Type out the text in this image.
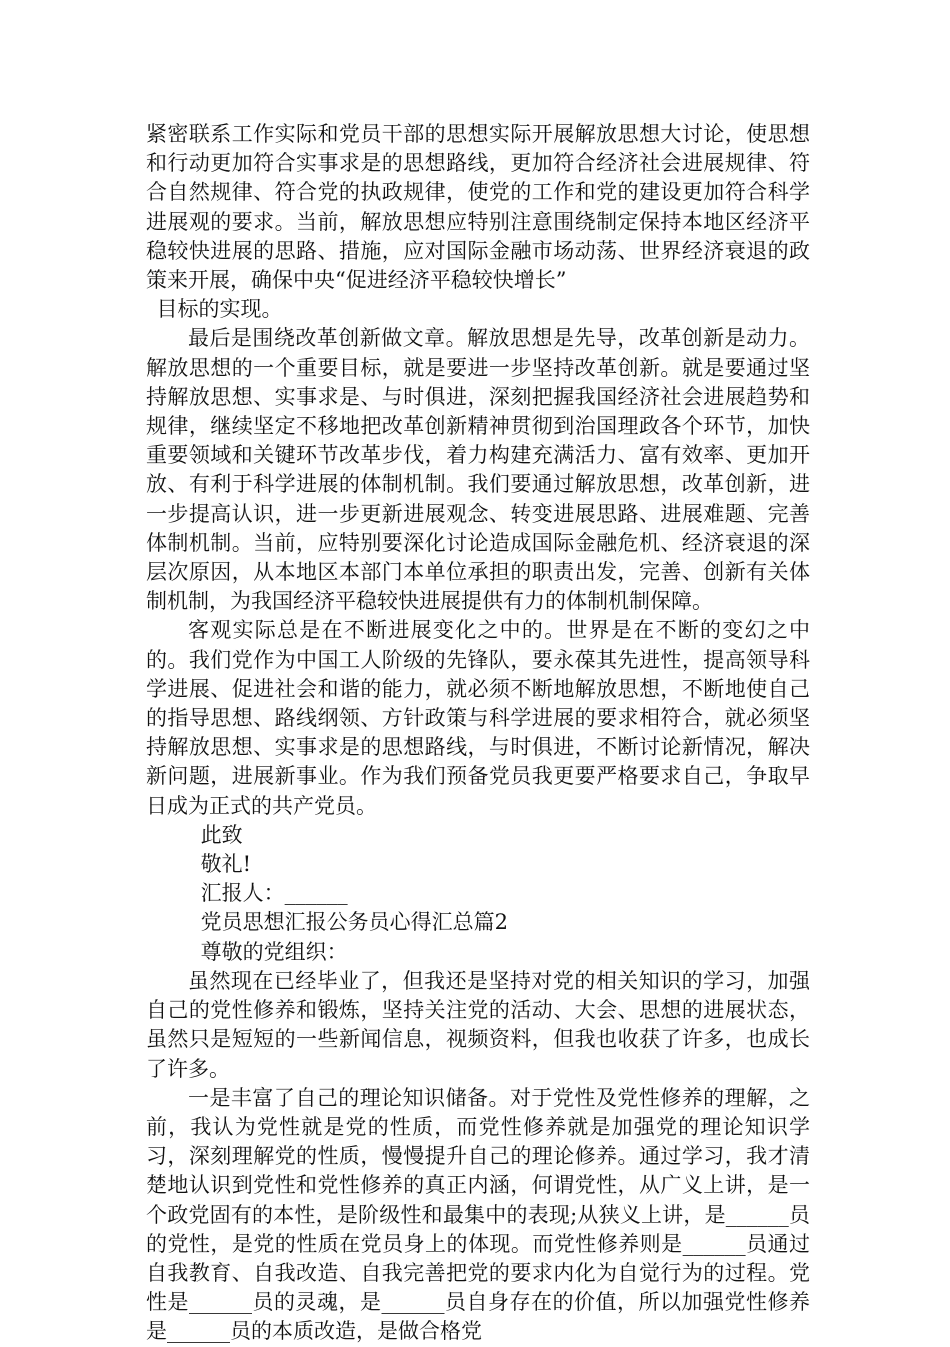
紧密联系工作实际和党员干部的思想实际开展解放思想大讨论，使思想和行动更加符合实事求是的思想路线，更加符合经济社会进展规律、符合自然规律、符合党的执政规律，使党的工作和党的建设更加符合科学进展观的要求。当前，解放思想应特别注意围绕制定保持本地区经济平稳较快进展的思路、措施，应对国际金融市场动荡、世界经济衰退的政策来开展，确保中央“促进经济平稳较快增长”

目标的实现。

最后是围绕改革创新做文章。解放思想是先导，改革创新是动力。解放思想的一个重要目标，就是要进一步坚持改革创新。就是要通过坚持解放思想、实事求是、与时俱进，深刻把握我国经济社会进展趋势和规律，继续坚定不移地把改革创新精神贯彻到治国理政各个环节，加快重要领域和关键环节改革步伐，着力构建充满活力、富有效率、更加开放、有利于科学进展的体制机制。我们要通过解放思想，改革创新，进一步提高认识，进一步更新进展观念、转变进展思路、进展难题、完善体制机制。当前，应特别要深化讨论造成国际金融危机、经济衰退的深层次原因，从本地区本部门本单位承担的职责出发，完善、创新有关体制机制，为我国经济平稳较快进展提供有力的体制机制保障。

客观实际总是在不断进展变化之中的。世界是在不断的变幻之中的。我们党作为中国工人阶级的先锋队，要永葆其先进性，提高领导科学进展、促进社会和谐的能力，就必须不断地解放思想，不断地使自己的指导思想、路线纲领、方针政策与科学进展的要求相符合，就必须坚持解放思想、实事求是的思想路线，与时俱进，不断讨论新情况，解决新问题，进展新事业。作为我们预备党员我更要严格要求自己，争取早日成为正式的共产党员。

此致

敬礼!

汇报人：______

党员思想汇报公务员心得汇总篇2

尊敬的党组织：

虽然现在已经毕业了，但我还是坚持对党的相关知识的学习，加强自己的党性修养和锻炼，坚持关注党的活动、大会、思想的进展状态，虽然只是短短的一些新闻信息，视频资料，但我也收获了许多，也成长了许多。

一是丰富了自己的理论知识储备。对于党性及党性修养的理解，之前，我认为党性就是党的性质，而党性修养就是加强党的理论知识学习，深刻理解党的性质，慢慢提升自己的理论修养。通过学习，我才清楚地认识到党性和党性修养的真正内涵，何谓党性，从广义上讲，是一个政党固有的本性，是阶级性和最集中的表现;从狭义上讲，是______员的党性，是党的性质在党员身上的体现。而党性修养则是______员通过自我教育、自我改造、自我完善把党的要求内化为自觉行为的过程。党性是______员的灵魂，是______员自身存在的价值，所以加强党性修养是______员的本质改造，是做合格党
